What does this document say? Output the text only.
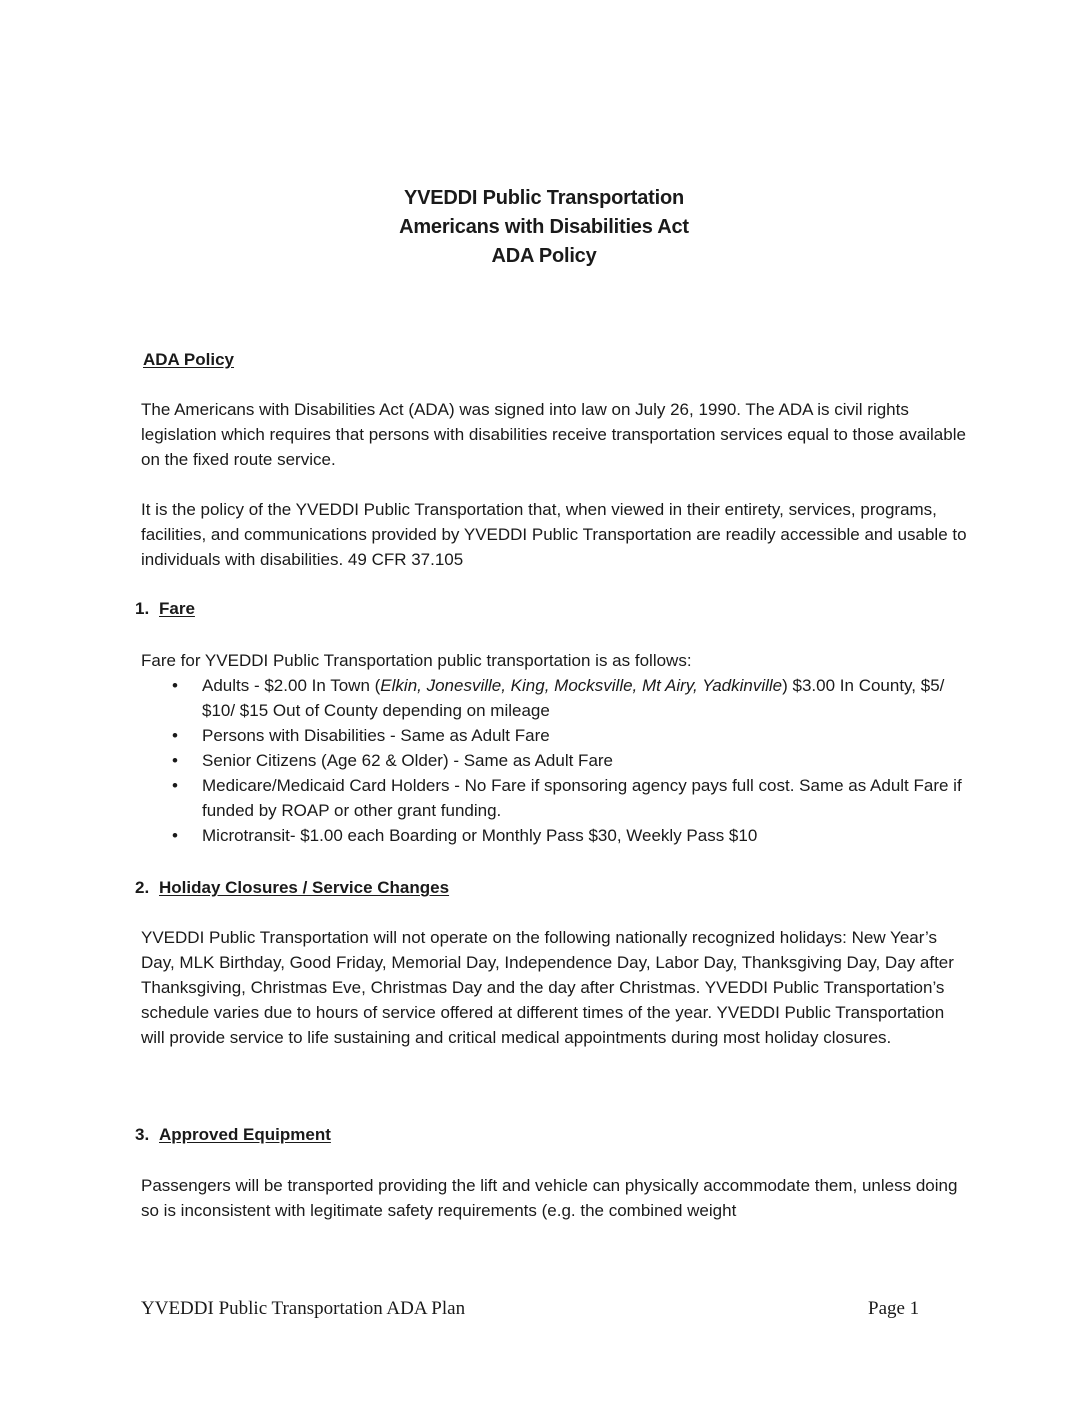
YVEDDI Public Transportation
Americans with Disabilities Act
ADA Policy
ADA Policy

The Americans with Disabilities Act (ADA) was signed into law on July 26, 1990. The ADA is civil rights legislation which requires that persons with disabilities receive transportation services equal to those available on the fixed route service.

It is the policy of the YVEDDI Public Transportation that, when viewed in their entirety, services, programs, facilities, and communications provided by YVEDDI Public Transportation are readily accessible and usable to individuals with disabilities. 49 CFR 37.105

1. Fare

Fare for YVEDDI Public Transportation public transportation is as follows:

• Adults - $2.00 In Town (Elkin, Jonesville, King, Mocksville, Mt Airy, Yadkinville) $3.00 In County, $5/ $10/ $15 Out of County depending on mileage
• Persons with Disabilities - Same as Adult Fare
• Senior Citizens (Age 62 & Older) - Same as Adult Fare
• Medicare/Medicaid Card Holders - No Fare if sponsoring agency pays full cost. Same as Adult Fare if funded by ROAP or other grant funding.
• Microtransit- $1.00 each Boarding or Monthly Pass $30, Weekly Pass $10
2. Holiday Closures / Service Changes

YVEDDI Public Transportation will not operate on the following nationally recognized holidays: New Year’s Day, MLK Birthday, Good Friday, Memorial Day, Independence Day, Labor Day, Thanksgiving Day, Day after Thanksgiving, Christmas Eve, Christmas Day and the day after Christmas. YVEDDI Public Transportation’s schedule varies due to hours of service offered at different times of the year. YVEDDI Public Transportation will provide service to life sustaining and critical medical appointments during most holiday closures.

3. Approved Equipment

Passengers will be transported providing the lift and vehicle can physically accommodate them, unless doing so is inconsistent with legitimate safety requirements (e.g. the combined weight

YVEDDI Public Transportation ADA Plan	Page 1
